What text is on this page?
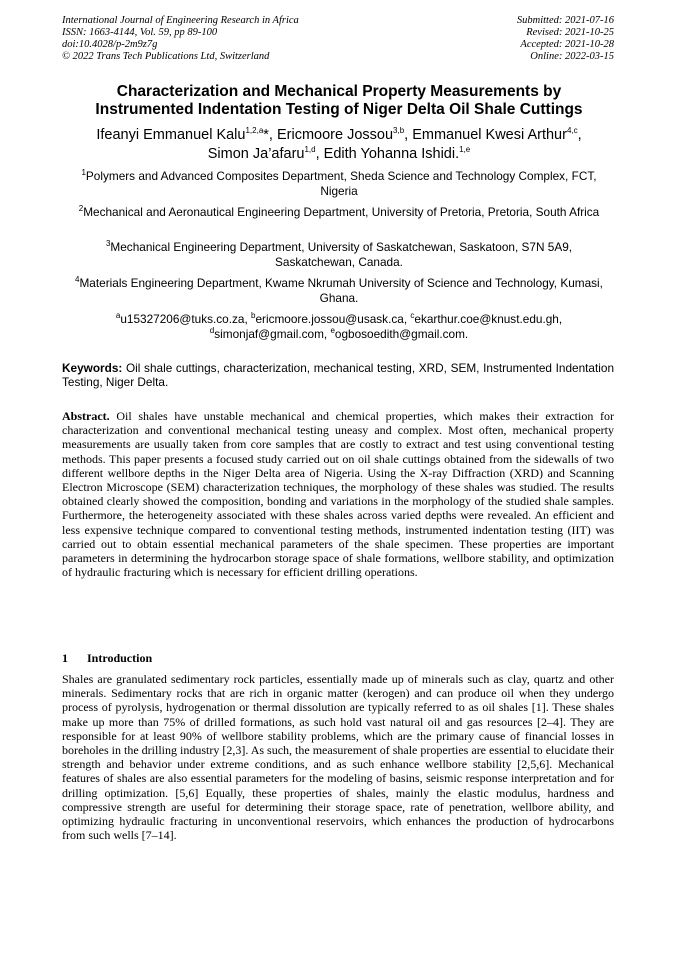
International Journal of Engineering Research in Africa
ISSN: 1663-4144, Vol. 59, pp 89-100
doi:10.4028/p-2m9z7g
© 2022 Trans Tech Publications Ltd, Switzerland
Submitted: 2021-07-16
Revised: 2021-10-25
Accepted: 2021-10-28
Online: 2022-03-15
Characterization and Mechanical Property Measurements by
Instrumented Indentation Testing of Niger Delta Oil Shale Cuttings
Ifeanyi Emmanuel Kalu$^{1,2,a}$*, Ericmoore Jossou$^{3,b}$, Emmanuel Kwesi Arthur$^{4,c}$,
Simon Ja’afaru$^{1,d}$, Edith Yohanna Ishidi.$^{1,e}$
$^1$Polymers and Advanced Composites Department, Sheda Science and Technology Complex, FCT, Nigeria
$^2$Mechanical and Aeronautical Engineering Department, University of Pretoria, Pretoria, South Africa
$^3$Mechanical Engineering Department, University of Saskatchewan, Saskatoon, S7N 5A9, Saskatchewan, Canada.
$^4$Materials Engineering Department, Kwame Nkrumah University of Science and Technology, Kumasi, Ghana.
$^a$u15327206@tuks.co.za, $^b$ericmoore.jossou@usask.ca, $^c$ekarthur.coe@knust.edu.gh,
$^d$simonjaf@gmail.com, $^e$ogbosoedith@gmail.com.
Keywords: Oil shale cuttings, characterization, mechanical testing, XRD, SEM, Instrumented Indentation Testing, Niger Delta.
Abstract. Oil shales have unstable mechanical and chemical properties, which makes their extraction for characterization and conventional mechanical testing uneasy and complex. Most often, mechanical property measurements are usually taken from core samples that are costly to extract and test using conventional testing methods. This paper presents a focused study carried out on oil shale cuttings obtained from the sidewalls of two different wellbore depths in the Niger Delta area of Nigeria. Using the X-ray Diffraction (XRD) and Scanning Electron Microscope (SEM) characterization techniques, the morphology of these shales was studied. The results obtained clearly showed the composition, bonding and variations in the morphology of the studied shale samples. Furthermore, the heterogeneity associated with these shales across varied depths were revealed. An efficient and less expensive technique compared to conventional testing methods, instrumented indentation testing (IIT) was carried out to obtain essential mechanical parameters of the shale specimen. These properties are important parameters in determining the hydrocarbon storage space of shale formations, wellbore stability, and optimization of hydraulic fracturing which is necessary for efficient drilling operations.
1 Introduction
Shales are granulated sedimentary rock particles, essentially made up of minerals such as clay, quartz and other minerals. Sedimentary rocks that are rich in organic matter (kerogen) and can produce oil when they undergo process of pyrolysis, hydrogenation or thermal dissolution are typically referred to as oil shales [1]. These shales make up more than 75% of drilled formations, as such hold vast natural oil and gas resources [2–4]. They are responsible for at least 90% of wellbore stability problems, which are the primary cause of financial losses in boreholes in the drilling industry [2,3]. As such, the measurement of shale properties are essential to elucidate their strength and behavior under extreme conditions, and as such enhance wellbore stability [2,5,6]. Mechanical features of shales are also essential parameters for the modeling of basins, seismic response interpretation and for drilling optimization. [5,6] Equally, these properties of shales, mainly the elastic modulus, hardness and compressive strength are useful for determining their storage space, rate of penetration, wellbore ability, and optimizing hydraulic fracturing in unconventional reservoirs, which enhances the production of hydrocarbons from such wells [7–14].
